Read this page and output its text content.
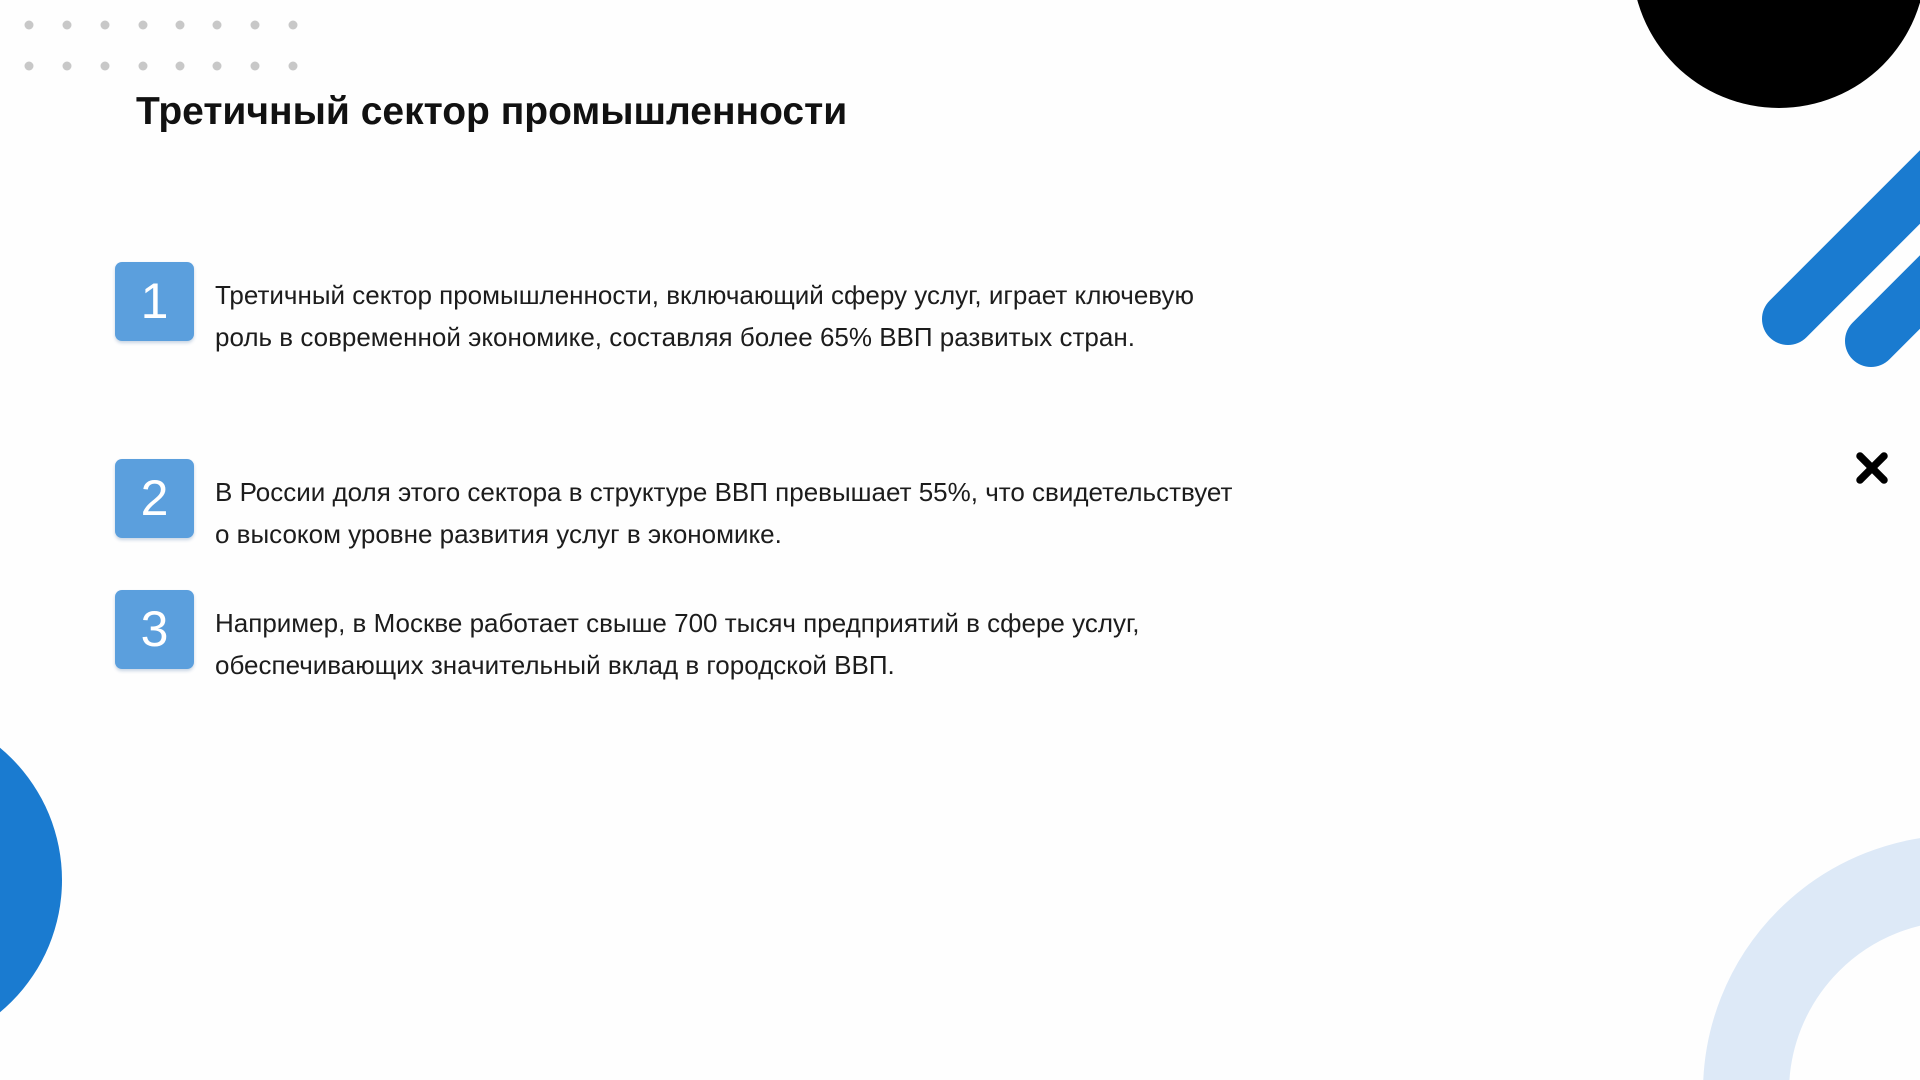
Третичный сектор промышленности
1	Третичный сектор промышленности, включающий сферу услуг, играет ключевую роль в современной экономике, составляя более 65% ВВП развитых стран.

2	В России доля этого сектора в структуре ВВП превышает 55%, что свидетельствует о высоком уровне развития услуг в экономике.

3	Например, в Москве работает свыше 700 тысяч предприятий в сфере услуг, обеспечивающих значительный вклад в городской ВВП.
